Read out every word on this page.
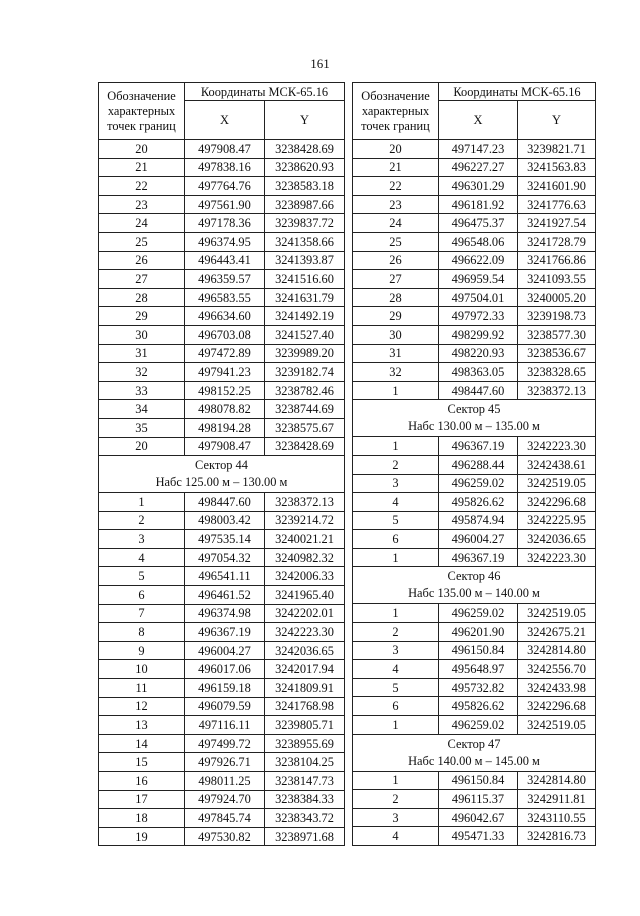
161
Обозначение характерных точек границ	Координаты МСК-65.16	
	X	Y
20	497908.47	3238428.69
21	497838.16	3238620.93
22	497764.76	3238583.18
23	497561.90	3238987.66
24	497178.36	3239837.72
25	496374.95	3241358.66
26	496443.41	3241393.87
27	496359.57	3241516.60
28	496583.55	3241631.79
29	496634.60	3241492.19
30	496703.08	3241527.40
31	497472.89	3239989.20
32	497941.23	3239182.74
33	498152.25	3238782.46
34	498078.82	3238744.69
35	498194.28	3238575.67
20	497908.47	3238428.69

Сектор 44
Набс 125.00 м – 130.00 м		

1	498447.60	3238372.13
2	498003.42	3239214.72
3	497535.14	3240021.21
4	497054.32	3240982.32
5	496541.11	3242006.33
6	496461.52	3241965.40
7	496374.98	3242202.01
8	496367.19	3242223.30
9	496004.27	3242036.65
10	496017.06	3242017.94
11	496159.18	3241809.91
12	496079.59	3241768.98
13	497116.11	3239805.71
14	497499.72	3238955.69
15	497926.71	3238104.25
16	498011.25	3238147.73
17	497924.70	3238384.33
18	497845.74	3238343.72
19	497530.82	3238971.68
Обозначение характерных точек границ	Координаты МСК-65.16	
	X	Y
20	497147.23	3239821.71
21	496227.27	3241563.83
22	496301.29	3241601.90
23	496181.92	3241776.63
24	496475.37	3241927.54
25	496548.06	3241728.79
26	496622.09	3241766.86
27	496959.54	3241093.55
28	497504.01	3240005.20
29	497972.33	3239198.73
30	498299.92	3238577.30
31	498220.93	3238536.67
32	498363.05	3238328.65
1	498447.60	3238372.13

Сектор 45
Набс 130.00 м – 135.00 м		

1	496367.19	3242223.30
2	496288.44	3242438.61
3	496259.02	3242519.05
4	495826.62	3242296.68
5	495874.94	3242225.95
6	496004.27	3242036.65
1	496367.19	3242223.30

Сектор 46
Набс 135.00 м – 140.00 м		

1	496259.02	3242519.05
2	496201.90	3242675.21
3	496150.84	3242814.80
4	495648.97	3242556.70
5	495732.82	3242433.98
6	495826.62	3242296.68
1	496259.02	3242519.05

Сектор 47
Набс 140.00 м – 145.00 м		

1	496150.84	3242814.80
2	496115.37	3242911.81
3	496042.67	3243110.55
4	495471.33	3242816.73
